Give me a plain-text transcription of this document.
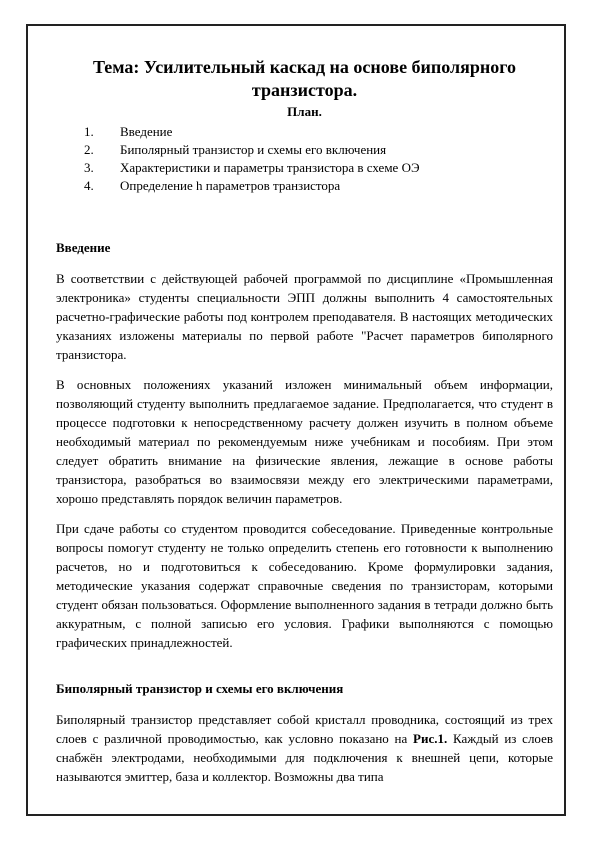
Тема: Усилительный каскад на основе биполярного транзистора.
План.
1.	Введение
2.	Биполярный транзистор и схемы его включения
3.	Характеристики и параметры транзистора в схеме ОЭ
4.	Определение h параметров транзистора
Введение

В соответствии с действующей рабочей программой по дисциплине «Промышленная электроника» студенты специальности ЭПП должны выполнить 4 самостоятельных расчетно-графические работы под контролем преподавателя. В настоящих методических указаниях изложены материалы по первой работе "Расчет параметров биполярного транзистора.

В основных положениях указаний изложен минимальный объем информации, позволяющий студенту выполнить предлагаемое задание. Предполагается, что студент в процессе подготовки к непосредственному расчету должен изучить в полном объеме необходимый материал по рекомендуемым ниже учебникам и пособиям. При этом следует обратить внимание на физические явления, лежащие в основе работы транзистора, разобраться во взаимосвязи между его электрическими параметрами, хорошо представлять порядок величин параметров.

При сдаче работы со студентом проводится собеседование. Приведенные контрольные вопросы помогут студенту не только определить степень его готовности к выполнению расчетов, но и подготовиться к собеседованию. Кроме формулировки задания, методические указания содержат справочные сведения по транзисторам, которыми студент обязан пользоваться. Оформление выполненного задания в тетради должно быть аккуратным, с полной записью его условия. Графики выполняются с помощью графических принадлежностей.

Биполярный транзистор и схемы его включения

Биполярный транзистор представляет собой кристалл проводника, состоящий из трех слоев с различной проводимостью, как условно показано на Рис.1. Каждый из слоев снабжён электродами, необходимыми для подключения к внешней цепи, которые называются эмиттер, база и коллектор. Возможны два типа
